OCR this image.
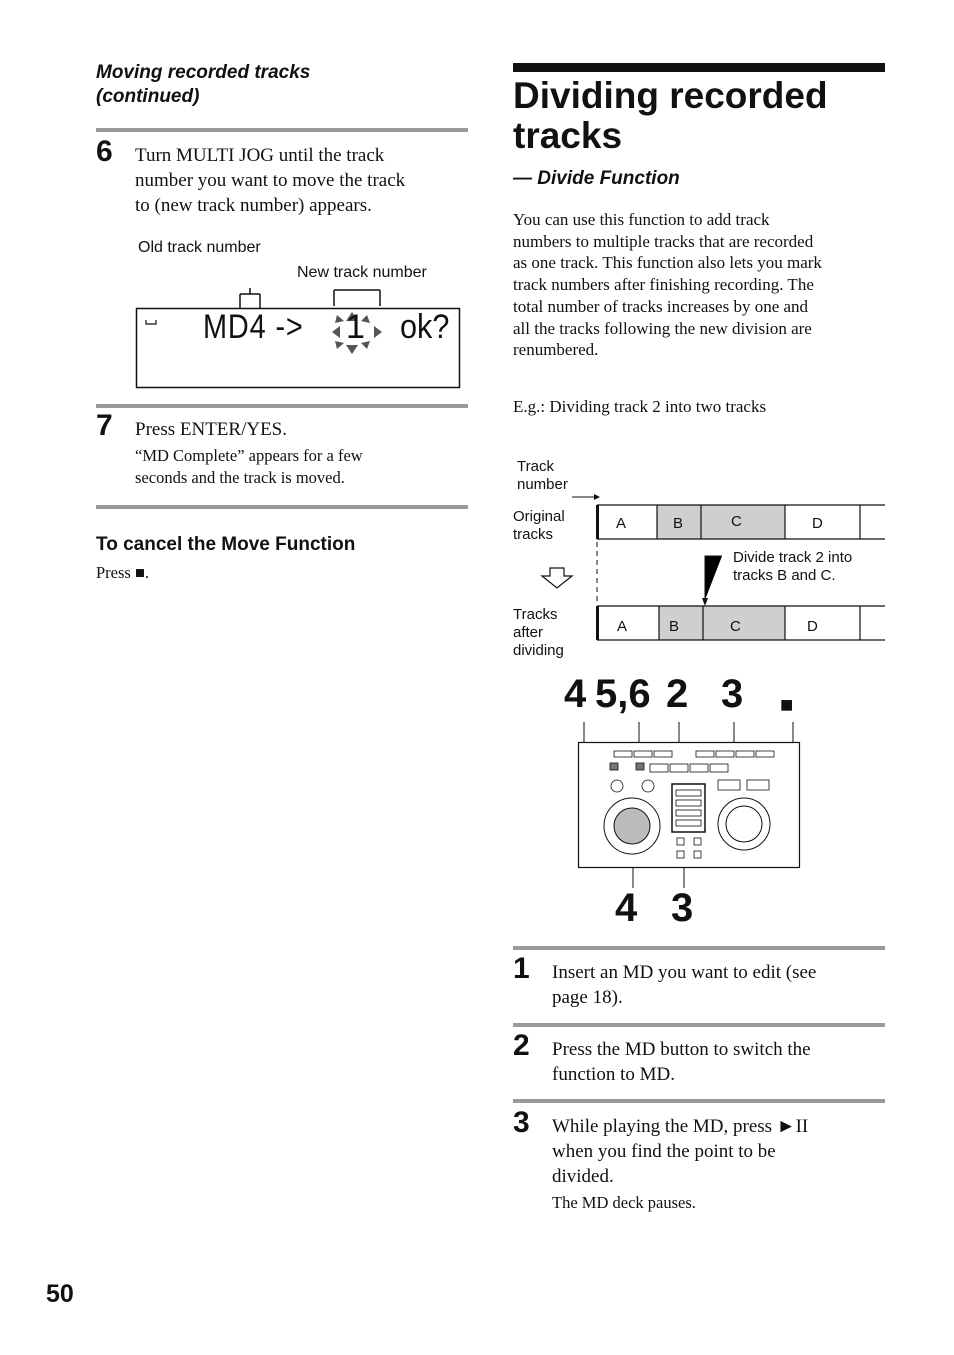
Moving recorded tracks
(continued)
6 Turn MULTI JOG until the track
number you want to move the track
to (new track number) appears.
Old track number
New track number
MD4 -> 1 ok?
7 Press ENTER/YES.
“MD Complete” appears for a few
seconds and the track is moved.
To cancel the Move Function
Press ■.
Dividing recorded
tracks
— Divide Function
You can use this function to add track
numbers to multiple tracks that are recorded
as one track. This function also lets you mark
track numbers after finishing recording. The
total number of tracks increases by one and
all the tracks following the new division are
renumbered.
E.g.: Dividing track 2 into two tracks
Track
number
Original
tracks
Tracks
after
dividing
Divide track 2 into
tracks B and C.
A	B	C	D
A	B	C	D
4 5,6 2 3 ■
4 3
1 Insert an MD you want to edit (see
page 18).
2 Press the MD button to switch the
function to MD.
3 While playing the MD, press ►II
when you find the point to be
divided.
The MD deck pauses.
50
